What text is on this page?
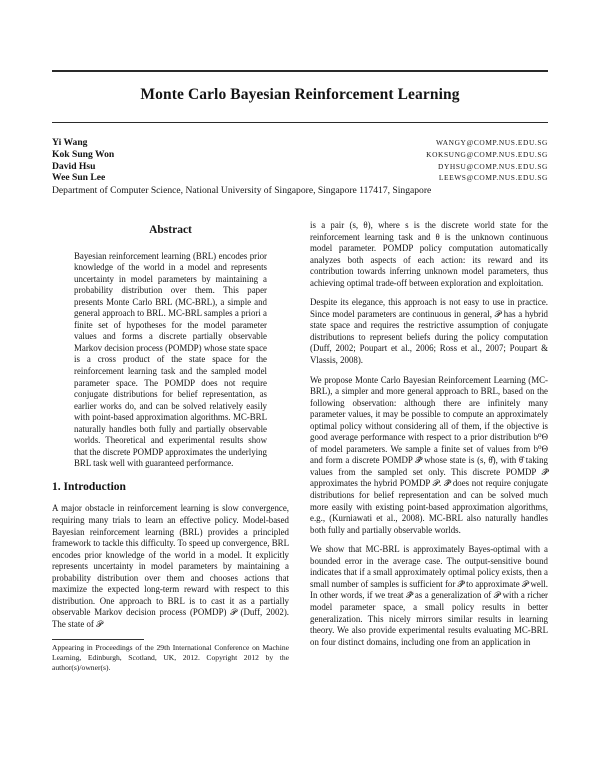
Monte Carlo Bayesian Reinforcement Learning
Yi Wang	WANGY@COMP.NUS.EDU.SG
Kok Sung Won	KOKSUNG@COMP.NUS.EDU.SG
David Hsu	DYHSU@COMP.NUS.EDU.SG
Wee Sun Lee	LEEWS@COMP.NUS.EDU.SG
Department of Computer Science, National University of Singapore, Singapore 117417, Singapore
Abstract

Bayesian reinforcement learning (BRL) encodes prior knowledge of the world in a model and represents uncertainty in model parameters by maintaining a probability distribution over them. This paper presents Monte Carlo BRL (MC-BRL), a simple and general approach to BRL. MC-BRL samples a priori a finite set of hypotheses for the model parameter values and forms a discrete partially observable Markov decision process (POMDP) whose state space is a cross product of the state space for the reinforcement learning task and the sampled model parameter space. The POMDP does not require conjugate distributions for belief representation, as earlier works do, and can be solved relatively easily with point-based approximation algorithms. MC-BRL naturally handles both fully and partially observable worlds. Theoretical and experimental results show that the discrete POMDP approximates the underlying BRL task well with guaranteed performance.

1. Introduction

A major obstacle in reinforcement learning is slow convergence, requiring many trials to learn an effective policy. Model-based Bayesian reinforcement learning (BRL) provides a principled framework to tackle this difficulty. To speed up convergence, BRL encodes prior knowledge of the world in a model. It explicitly represents uncertainty in model parameters by maintaining a probability distribution over them and chooses actions that maximize the expected long-term reward with respect to this distribution. One approach to BRL is to cast it as a partially observable Markov decision process (POMDP) 𝒫 (Duff, 2002). The state of 𝒫

Appearing in Proceedings of the 29th International Conference on Machine Learning, Edinburgh, Scotland, UK, 2012. Copyright 2012 by the author(s)/owner(s).

is a pair (s, θ), where s is the discrete world state for the reinforcement learning task and θ is the unknown continuous model parameter. POMDP policy computation automatically analyzes both aspects of each action: its reward and its contribution towards inferring unknown model parameters, thus achieving optimal trade-off between exploration and exploitation.

Despite its elegance, this approach is not easy to use in practice. Since model parameters are continuous in general, 𝒫 has a hybrid state space and requires the restrictive assumption of conjugate distributions to represent beliefs during the policy computation (Duff, 2002; Poupart et al., 2006; Ross et al., 2007; Poupart & Vlassis, 2008).

We propose Monte Carlo Bayesian Reinforcement Learning (MC-BRL), a simpler and more general approach to BRL, based on the following observation: although there are infinitely many parameter values, it may be possible to compute an approximately optimal policy without considering all of them, if the objective is good average performance with respect to a prior distribution b⁰Θ of model parameters. We sample a finite set of values from b⁰Θ and form a discrete POMDP 𝒫̂ whose state is (s, θ̂), with θ̂ taking values from the sampled set only. This discrete POMDP 𝒫̂ approximates the hybrid POMDP 𝒫. 𝒫̂ does not require conjugate distributions for belief representation and can be solved much more easily with existing point-based approximation algorithms, e.g., (Kurniawati et al., 2008). MC-BRL also naturally handles both fully and partially observable worlds.

We show that MC-BRL is approximately Bayes-optimal with a bounded error in the average case. The output-sensitive bound indicates that if a small approximately optimal policy exists, then a small number of samples is sufficient for 𝒫̂ to approximate 𝒫 well. In other words, if we treat 𝒫̂ as a generalization of 𝒫 with a richer model parameter space, a small policy results in better generalization. This nicely mirrors similar results in learning theory. We also provide experimental results evaluating MC-BRL on four distinct domains, including one from an application in
